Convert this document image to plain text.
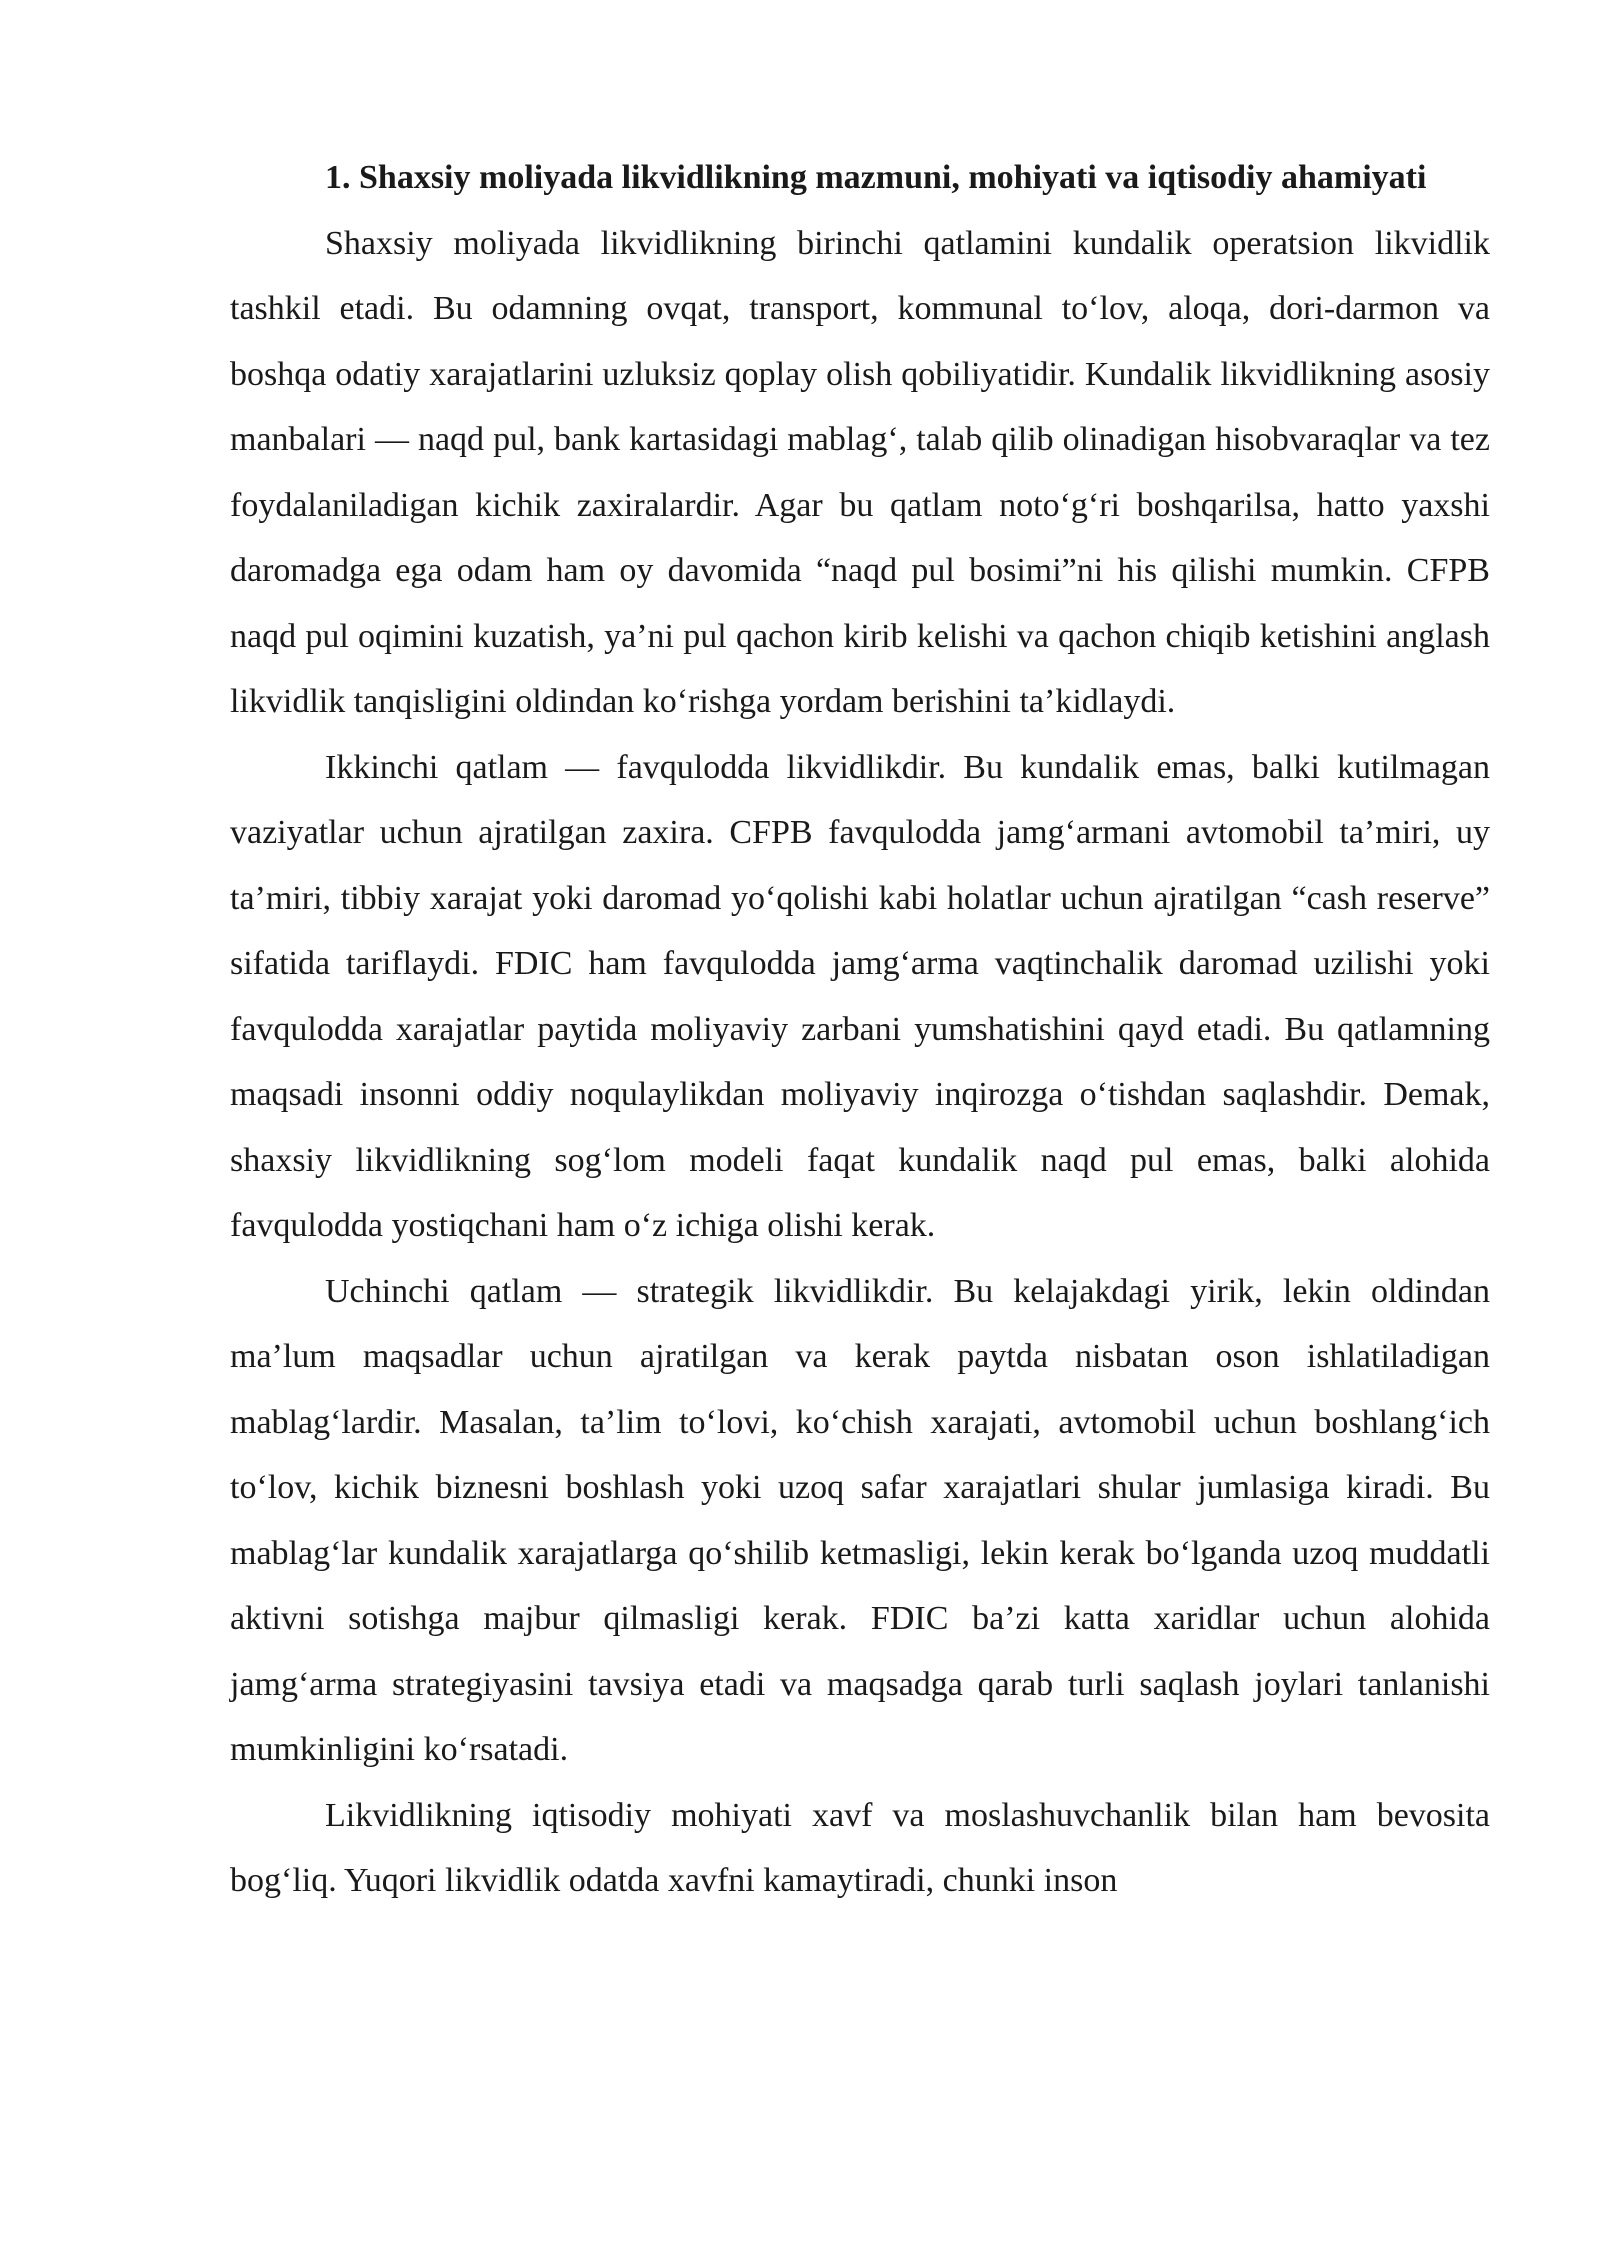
1. Shaxsiy moliyada likvidlikning mazmuni, mohiyati va iqtisodiy ahamiyati

Shaxsiy moliyada likvidlikning birinchi qatlamini kundalik operatsion likvidlik tashkil etadi. Bu odamning ovqat, transport, kommunal to‘lov, aloqa, dori-darmon va boshqa odatiy xarajatlarini uzluksiz qoplay olish qobiliyatidir. Kundalik likvidlikning asosiy manbalari — naqd pul, bank kartasidagi mablag‘, talab qilib olinadigan hisobvaraqlar va tez foydalaniladigan kichik zaxiralardir. Agar bu qatlam noto‘g‘ri boshqarilsa, hatto yaxshi daromadga ega odam ham oy davomida “naqd pul bosimi”ni his qilishi mumkin. CFPB naqd pul oqimini kuzatish, ya’ni pul qachon kirib kelishi va qachon chiqib ketishini anglash likvidlik tanqisligini oldindan ko‘rishga yordam berishini ta’kidlaydi.

Ikkinchi qatlam — favqulodda likvidlikdir. Bu kundalik emas, balki kutilmagan vaziyatlar uchun ajratilgan zaxira. CFPB favqulodda jamg‘armani avtomobil ta’miri, uy ta’miri, tibbiy xarajat yoki daromad yo‘qolishi kabi holatlar uchun ajratilgan “cash reserve” sifatida tariflaydi. FDIC ham favqulodda jamg‘arma vaqtinchalik daromad uzilishi yoki favqulodda xarajatlar paytida moliyaviy zarbani yumshatishini qayd etadi. Bu qatlamning maqsadi insonni oddiy noqulaylikdan moliyaviy inqirozga o‘tishdan saqlashdir. Demak, shaxsiy likvidlikning sog‘lom modeli faqat kundalik naqd pul emas, balki alohida favqulodda yostiqchani ham o‘z ichiga olishi kerak.

Uchinchi qatlam — strategik likvidlikdir. Bu kelajakdagi yirik, lekin oldindan ma’lum maqsadlar uchun ajratilgan va kerak paytda nisbatan oson ishlatiladigan mablag‘lardir. Masalan, ta’lim to‘lovi, ko‘chish xarajati, avtomobil uchun boshlang‘ich to‘lov, kichik biznesni boshlash yoki uzoq safar xarajatlari shular jumlasiga kiradi. Bu mablag‘lar kundalik xarajatlarga qo‘shilib ketmasligi, lekin kerak bo‘lganda uzoq muddatli aktivni sotishga majbur qilmasligi kerak. FDIC ba’zi katta xaridlar uchun alohida jamg‘arma strategiyasini tavsiya etadi va maqsadga qarab turli saqlash joylari tanlanishi mumkinligini ko‘rsatadi.

Likvidlikning iqtisodiy mohiyati xavf va moslashuvchanlik bilan ham bevosita bog‘liq. Yuqori likvidlik odatda xavfni kamaytiradi, chunki inson
